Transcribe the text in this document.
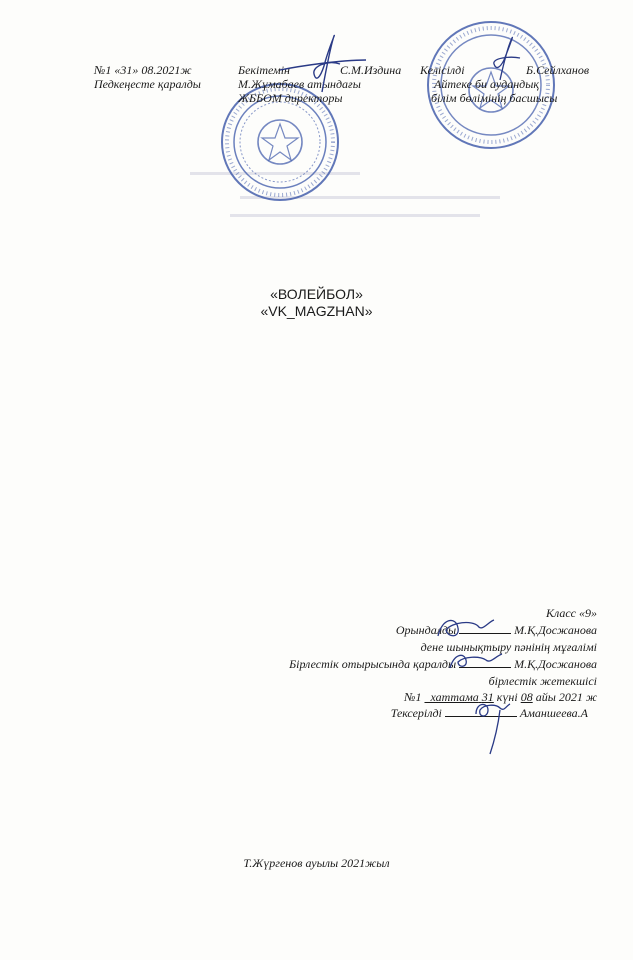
№1 «31» 08.2021ж
Педкеңесте қаралды
Бекітемін	С.М.Издина
М.Жұмабаев атындағы
ЖББОМ директоры
Келісілді	Б.Сейлханов
Айтеке би аудандық
білім бөлімінің басшысы
«ВОЛЕЙБОЛ»
«VK_MAGZHAN»
Класс «9»
Орындалды	М.Қ.Досжанова
дене шынықтыру пәнінің мұғалімі
Бірлестік отырысында қаралды	М.Қ.Досжанова
бірлестік жетекшісі
№1 хаттама 31 күні 08 айы 2021 ж
Тексерілді	Аманшеева.А
Т.Жүргенов ауылы 2021жыл
